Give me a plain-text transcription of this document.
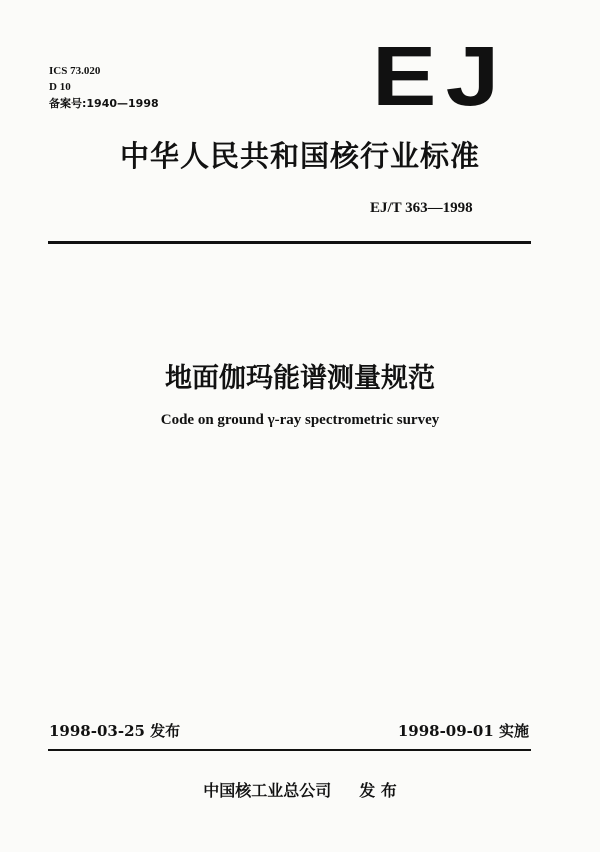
ICS 73.020
D 10
备案号:1940—1998	EJ
中华人民共和国核行业标准
EJ/T 363—1998
地面伽玛能谱测量规范
Code on ground γ-ray spectrometric survey
1998-03-25 发布	1998-09-01 实施
中国核工业总公司 发 布
